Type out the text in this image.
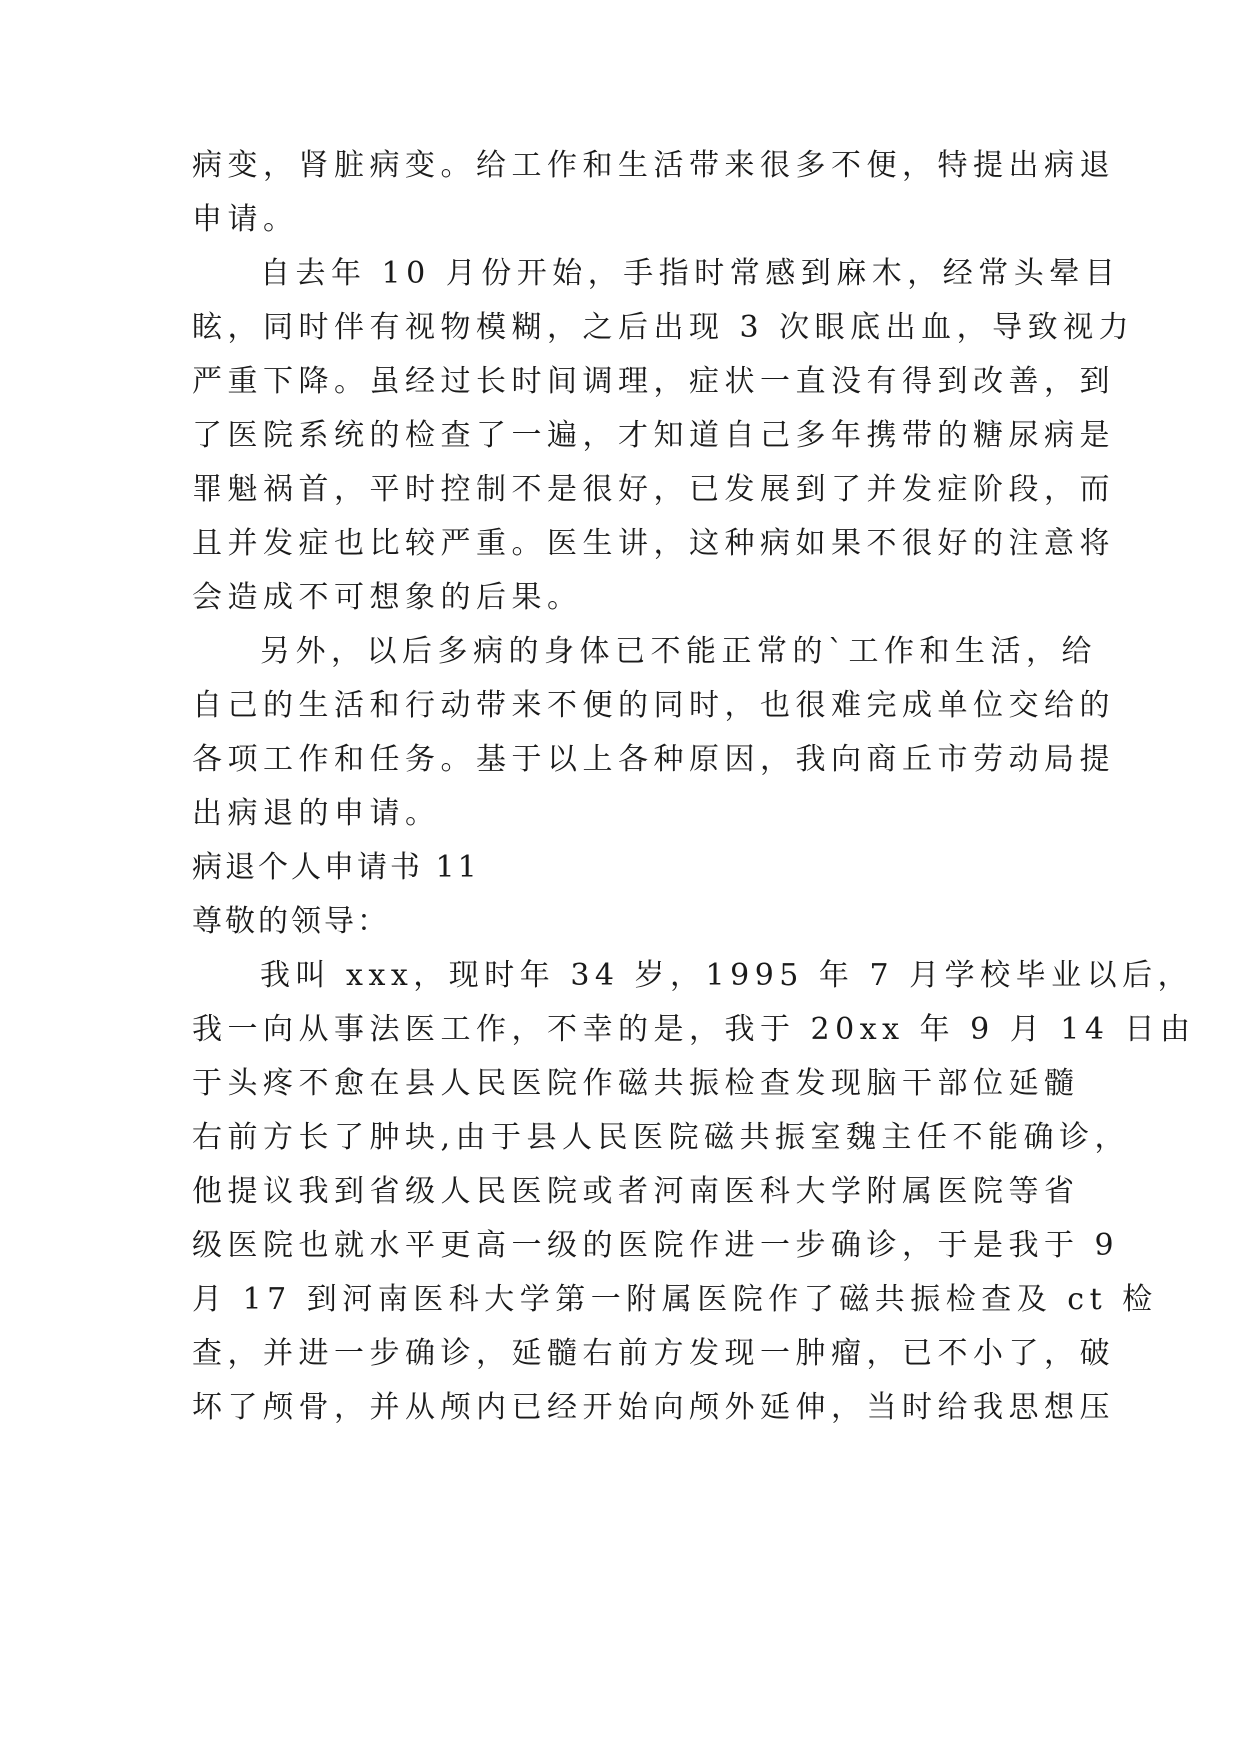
病变，肾脏病变。给工作和生活带来很多不便，特提出病退
申请。
自去年 10 月份开始，手指时常感到麻木，经常头晕目
眩，同时伴有视物模糊，之后出现 3 次眼底出血，导致视力
严重下降。虽经过长时间调理，症状一直没有得到改善，到
了医院系统的检查了一遍，才知道自己多年携带的糖尿病是
罪魁祸首，平时控制不是很好，已发展到了并发症阶段，而
且并发症也比较严重。医生讲，这种病如果不很好的注意将
会造成不可想象的后果。
另外，以后多病的身体已不能正常的`工作和生活，给
自己的生活和行动带来不便的同时，也很难完成单位交给的
各项工作和任务。基于以上各种原因，我向商丘市劳动局提
出病退的申请。
病退个人申请书 11
尊敬的领导：
我叫 xxx，现时年 34 岁，1995 年 7 月学校毕业以后，
我一向从事法医工作，不幸的是，我于 20xx 年 9 月 14 日由
于头疼不愈在县人民医院作磁共振检查发现脑干部位延髓
右前方长了肿块,由于县人民医院磁共振室魏主任不能确诊，
他提议我到省级人民医院或者河南医科大学附属医院等省
级医院也就水平更高一级的医院作进一步确诊，于是我于 9
月 17 到河南医科大学第一附属医院作了磁共振检查及 ct 检
查，并进一步确诊，延髓右前方发现一肿瘤，已不小了，破
坏了颅骨，并从颅内已经开始向颅外延伸，当时给我思想压
